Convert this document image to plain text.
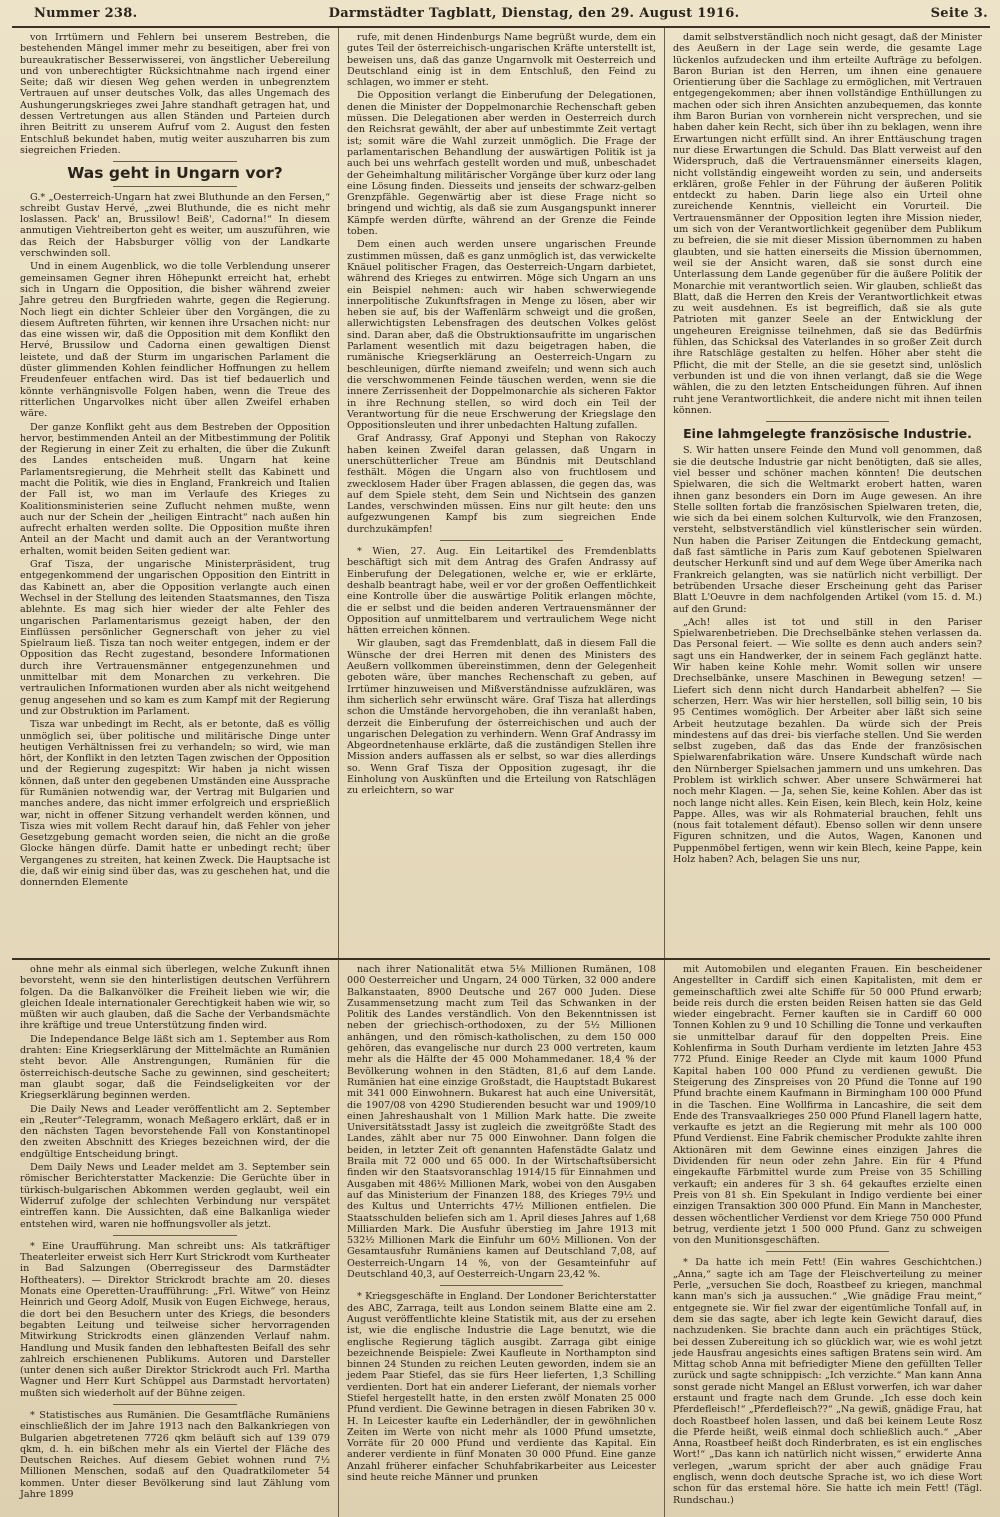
Nummer 238.	Darmstädter Tagblatt, Dienstag, den 29. August 1916.	Seite 3.

von Irrtümern und Fehlern bei unserem Bestreben, die bestehenden Mängel immer mehr zu beseitigen, aber frei von bureaukratischer Besserwisserei, von ängstlicher Uebereilung und von unberechtigter Rücksichtnahme nach irgend einer Seite; daß wir diesen Weg gehen werden in unbegrenztem Vertrauen auf unser deutsches Volk, das alles Ungemach des Aushungerungskrieges zwei Jahre standhaft getragen hat, und dessen Vertretungen aus allen Ständen und Parteien durch ihren Beitritt zu unserem Aufruf vom 2. August den festen Entschluß bekundet haben, mutig weiter auszuharren bis zum siegreichen Frieden.

Was geht in Ungarn vor?

G.* „Oesterreich-Ungarn hat zwei Bluthunde an den Fersen,“ schreibt Gustav Hervé, „zwei Bluthunde, die es nicht mehr loslassen. Pack' an, Brussilow! Beiß', Cadorna!“ In diesem anmutigen Viehtreiberton geht es weiter, um auszuführen, wie das Reich der Habsburger völlig von der Landkarte verschwinden soll.

Und in einem Augenblick, wo die tolle Verblendung unserer gemeinsamen Gegner ihren Höhepunkt erreicht hat, erhebt sich in Ungarn die Opposition, die bisher während zweier Jahre getreu den Burgfrieden wahrte, gegen die Regierung. Noch liegt ein dichter Schleier über den Vorgängen, die zu diesem Auftreten führten, wir kennen ihre Ursachen nicht: nur das eine wissen wir, daß die Opposition mit dem Konflikt den Hervé, Brussilow und Cadorna einen gewaltigen Dienst leistete, und daß der Sturm im ungarischen Parlament die düster glimmenden Kohlen feindlicher Hoffnungen zu hellem Freudenfeuer entfachen wird. Das ist tief bedauerlich und könnte verhängnisvolle Folgen haben, wenn die Treue des ritterlichen Ungarvolkes nicht über allen Zweifel erhaben wäre.

Der ganze Konflikt geht aus dem Bestreben der Opposition hervor, bestimmenden Anteil an der Mitbestimmung der Politik der Regierung in einer Zeit zu erhalten, die über die Zukunft des Landes entscheiden muß. Ungarn hat keine Parlamentsregierung, die Mehrheit stellt das Kabinett und macht die Politik, wie dies in England, Frankreich und Italien der Fall ist, wo man im Verlaufe des Krieges zu Koalitionsministerien seine Zuflucht nehmen mußte, wenn auch nur der Schein der „heiligen Eintracht“ nach außen hin aufrecht erhalten werden sollte. Die Opposition mußte ihren Anteil an der Macht und damit auch an der Verantwortung erhalten, womit beiden Seiten gedient war.

Graf Tisza, der ungarische Ministerpräsident, trug entgegenkommend der ungarischen Opposition den Eintritt in das Kabinett an, aber die Opposition verlangte auch einen Wechsel in der Stellung des leitenden Staatsmannes, den Tisza ablehnte. Es mag sich hier wieder der alte Fehler des ungarischen Parlamentarismus gezeigt haben, der den Einflüssen persönlicher Gegnerschaft von jeher zu viel Spielraum ließ. Tisza tan noch weiter entgegen, indem er der Opposition das Recht zugestand, besondere Informationen durch ihre Vertrauensmänner entgegenzunehmen und unmittelbar mit dem Monarchen zu verkehren. Die vertraulichen Informationen wurden aber als nicht weitgehend genug angesehen und so kam es zum Kampf mit der Regierung und zur Obstruktion im Parlament.

Tisza war unbedingt im Recht, als er betonte, daß es völlig unmöglich sei, über politische und militärische Dinge unter heutigen Verhältnissen frei zu verhandeln; so wird, wie man hört, der Konflikt in den letzten Tagen zwischen der Opposition und der Regierung zugespitzt: Wir haben ja nicht wissen können, daß unter den gegebenen Umständen eine Aussprache für Rumänien notwendig war, der Vertrag mit Bulgarien und manches andere, das nicht immer erfolgreich und ersprießlich war, nicht in offener Sitzung verhandelt werden können, und Tisza wies mit vollem Recht darauf hin, daß Fehler von jeher Gesetzgebung gemacht worden seien, die nicht an die große Glocke hängen dürfe. Damit hatte er unbedingt recht; über Vergangenes zu streiten, hat keinen Zweck. Die Hauptsache ist die, daß wir einig sind über das, was zu geschehen hat, und die donnernden Elemente

rufe, mit denen Hindenburgs Name begrüßt wurde, dem ein gutes Teil der österreichisch-ungarischen Kräfte unterstellt ist, beweisen uns, daß das ganze Ungarnvolk mit Oesterreich und Deutschland einig ist in dem Entschluß, den Feind zu schlagen, wo immer er steht.

Die Opposition verlangt die Einberufung der Delegationen, denen die Minister der Doppelmonarchie Rechenschaft geben müssen. Die Delegationen aber werden in Oesterreich durch den Reichsrat gewählt, der aber auf unbestimmte Zeit vertagt ist; somit wäre die Wahl zurzeit unmöglich. Die Frage der parlamentarischen Behandlung der auswärtigen Politik ist ja auch bei uns wehrfach gestellt worden und muß, unbeschadet der Geheimhaltung militärischer Vorgänge über kurz oder lang eine Lösung finden. Diesseits und jenseits der schwarz-gelben Grenzpfähle. Gegenwärtig aber ist diese Frage nicht so bringend und wichtig, als daß sie zum Ausgangspunkt innerer Kämpfe werden dürfte, während an der Grenze die Feinde toben.

Dem einen auch werden unsere ungarischen Freunde zustimmen müssen, daß es ganz unmöglich ist, das verwickelte Knäuel politischer Fragen, das Oesterreich-Ungarn darbietet, während des Krieges zu entwirren. Möge sich Ungarn an uns ein Beispiel nehmen: auch wir haben schwerwiegende innerpolitische Zukunftsfragen in Menge zu lösen, aber wir heben sie auf, bis der Waffenlärm schweigt und die großen, allerwichtigsten Lebensfragen des deutschen Volkes gelöst sind. Daran aber, daß die Obstruktionsaufritte im ungarischen Parlament wesentlich mit dazu beigetragen haben, die rumänische Kriegserklärung an Oesterreich-Ungarn zu beschleunigen, dürfte niemand zweifeln; und wenn sich auch die verschwommenen Feinde täuschen werden, wenn sie die innere Zerrissenheit der Doppelmonarchie als sicheren Faktor in ihre Rechnung stellen, so wird doch ein Teil der Verantwortung für die neue Erschwerung der Kriegslage den Oppositionsleuten und ihrer unbedachten Haltung zufallen.

Graf Andrassy, Graf Apponyi und Stephan von Rakoczy haben keinen Zweifel daran gelassen, daß Ungarn in unerschütterlicher Treue am Bündnis mit Deutschland festhält. Mögen die Ungarn also von fruchtlosem und zwecklosem Hader über Fragen ablassen, die gegen das, was auf dem Spiele steht, dem Sein und Nichtsein des ganzen Landes, verschwinden müssen. Eins nur gilt heute: den uns aufgezwungenen Kampf bis zum siegreichen Ende durchzukämpfen!

* Wien, 27. Aug. Ein Leitartikel des Fremdenblatts beschäftigt sich mit dem Antrag des Grafen Andrassy auf Einberufung der Delegationen, welche er, wie er erklärte, deshalb beantragt habe, weil er vor der großen Oeffentlichkeit eine Kontrolle über die auswärtige Politik erlangen möchte, die er selbst und die beiden anderen Vertrauensmänner der Opposition auf unmittelbarem und vertraulichem Wege nicht hätten erreichen können.

Wir glauben, sagt das Fremdenblatt, daß in diesem Fall die Wünsche der drei Herren mit denen des Ministers des Aeußern vollkommen übereinstimmen, denn der Gelegenheit geboten wäre, über manches Rechenschaft zu geben, auf Irrtümer hinzuweisen und Mißverständnisse aufzuklären, was ihm sicherlich sehr erwünscht wäre. Graf Tisza hat allerdings schon die Umstände hervorgehoben, die ihn veranlaßt haben, derzeit die Einberufung der österreichischen und auch der ungarischen Delegation zu verhindern. Wenn Graf Andrassy im Abgeordnetenhause erklärte, daß die zuständigen Stellen ihre Mission anders auffassen als er selbst, so war dies allerdings so. Wenn Graf Tisza der Opposition zugesagt, ihr die Einholung von Auskünften und die Erteilung von Ratschlägen zu erleichtern, so war

damit selbstverständlich noch nicht gesagt, daß der Minister des Aeußern in der Lage sein werde, die gesamte Lage lückenlos aufzudecken und ihm erteilte Aufträge zu befolgen. Baron Burian ist den Herren, um ihnen eine genauere Orientierung über die Sachlage zu ermöglichen, mit Vertrauen entgegengekommen; aber ihnen vollständige Enthüllungen zu machen oder sich ihren Ansichten anzubequemen, das konnte ihm Baron Burian von vornherein nicht versprechen, und sie haben daher kein Recht, sich über ihn zu beklagen, wenn ihre Erwartungen nicht erfüllt sind. An ihrer Enttäuschung tragen nur diese Erwartungen die Schuld. Das Blatt verweist auf den Widerspruch, daß die Vertrauensmänner einerseits klagen, nicht vollständig eingeweiht worden zu sein, und anderseits erklären, große Fehler in der Führung der äußeren Politik entdeckt zu haben. Darin liege also ein Urteil ohne zureichende Kenntnis, vielleicht ein Vorurteil. Die Vertrauensmänner der Opposition legten ihre Mission nieder, um sich von der Verantwortlichkeit gegenüber dem Publikum zu befreien, die sie mit dieser Mission übernommen zu haben glaubten, und sie hatten einerseits die Mission übernommen, weil sie der Ansicht waren, daß sie sonst durch eine Unterlassung dem Lande gegenüber für die äußere Politik der Monarchie mit verantwortlich seien. Wir glauben, schließt das Blatt, daß die Herren den Kreis der Verantwortlichkeit etwas zu weit ausdehnen. Es ist begreiflich, daß sie als gute Patrioten mit ganzer Seele an der Entwicklung der ungeheuren Ereignisse teilnehmen, daß sie das Bedürfnis fühlen, das Schicksal des Vaterlandes in so großer Zeit durch ihre Ratschläge gestalten zu helfen. Höher aber steht die Pflicht, die mit der Stelle, an die sie gesetzt sind, unlöslich verbunden ist und die von ihnen verlangt, daß sie die Wege wählen, die zu den letzten Entscheidungen führen. Auf ihnen ruht jene Verantwortlichkeit, die andere nicht mit ihnen teilen können.

Eine lahmgelegte französische Industrie.

S. Wir hatten unsere Feinde den Mund voll genommen, daß sie die deutsche Industrie gar nicht benötigten, daß sie alles, viel besser und schöner machen könnten! Die deutschen Spielwaren, die sich die Weltmarkt erobert hatten, waren ihnen ganz besonders ein Dorn im Auge gewesen. An ihre Stelle sollten fortab die französischen Spielwaren treten, die, wie sich da bei einem solchen Kulturvolk, wie den Franzosen, versteht, selbstverständlich viel künstlerischer sein würden. Nun haben die Pariser Zeitungen die Entdeckung gemacht, daß fast sämtliche in Paris zum Kauf gebotenen Spielwaren deutscher Herkunft sind und auf dem Wege über Amerika nach Frankreich gelangten, was sie natürlich nicht verbilligt. Der betrübenden Ursache dieser Erscheinung geht das Pariser Blatt L'Oeuvre in dem nachfolgenden Artikel (vom 15. d. M.) auf den Grund:

„Ach! alles ist tot und still in den Pariser Spielwarenbetrieben. Die Drechselbänke stehen verlassen da. Das Personal feiert. — Wie sollte es denn auch anders sein? sagt uns ein Handwerker, der in seinem Fach geglänzt hatte. Wir haben keine Kohle mehr. Womit sollen wir unsere Drechselbänke, unsere Maschinen in Bewegung setzen! — Liefert sich denn nicht durch Handarbeit abhelfen? — Sie scherzen, Herr. Was wir hier herstellen, soll billig sein, 10 bis 95 Centimes womöglich. Der Arbeiter aber läßt sich seine Arbeit heutzutage bezahlen. Da würde sich der Preis mindestens auf das drei- bis vierfache stellen. Und Sie werden selbst zugeben, daß das das Ende der französischen Spielwarenfabrikation wäre. Unsere Kundschaft würde nach den Nürnberger Spielsachen jammern und uns umkehren. Das Problem ist wirklich schwer. Aber unsere Schwärmerei hat noch mehr Klagen. — Ja, sehen Sie, keine Kohlen. Aber das ist noch lange nicht alles. Kein Eisen, kein Blech, kein Holz, keine Pappe. Alles, was wir als Rohmaterial brauchen, fehlt uns (nous fait totalement défaut). Ebenso sollen wir denn unsere Figuren schnitzen, und die Autos, Wagen, Kanonen und Puppenmöbel fertigen, wenn wir kein Blech, keine Pappe, kein Holz haben? Ach, belagen Sie uns nur,

ohne mehr als einmal sich überlegen, welche Zukunft ihnen bevorsteht, wenn sie den hinterlistigen deutschen Verführern folgen. Da die Balkanvölker die Freiheit lieben wie wir, die gleichen Ideale internationaler Gerechtigkeit haben wie wir, so müßten wir auch glauben, daß die Sache der Verbandsmächte ihre kräftige und treue Unterstützung finden wird.

Die Independance Belge läßt sich am 1. September aus Rom drahten: Eine Kriegserklärung der Mittelmächte an Rumänien steht bevor. Alle Anstrengungen, Rumänien für die österreichisch-deutsche Sache zu gewinnen, sind gescheitert; man glaubt sogar, daß die Feindseligkeiten vor der Kriegserklärung beginnen werden.

Die Daily News and Leader veröffentlicht am 2. September ein „Reuter“-Telegramm, wonach Meßagero erklärt, daß er in den nächsten Tagen bevorstehende Fall von Konstantinopel den zweiten Abschnitt des Krieges bezeichnen wird, der die endgültige Entscheidung bringt.

Dem Daily News und Leader meldet am 3. September sein römischer Berichterstatter Mackenzie: Die Gerüchte über in türkisch-bulgarischen Abkommen werden geglaubt, weil ein Widerruf zufolge der schlechten Verbindung nur verspätet eintreffen kann. Die Aussichten, daß eine Balkanliga wieder entstehen wird, waren nie hoffnungsvoller als jetzt.

* Eine Uraufführung. Man schreibt uns: Als tatkräftiger Theaterleiter erweist sich Herr Kurt Strickrodt vom Kurtheater in Bad Salzungen (Oberregisseur des Darmstädter Hoftheaters). — Direktor Strickrodt brachte am 20. dieses Monats eine Operetten-Uraufführung: „Frl. Witwe“ von Heinz Heinrich und Georg Adolf, Musik von Eugen Eichwege, heraus, die dort bei den Besuchern unter des Kriegs, die besonders begabten Leitung und teilweise sicher hervorragenden Mitwirkung Strickrodts einen glänzenden Verlauf nahm. Handlung und Musik fanden den lebhaftesten Beifall des sehr zahlreich erschienenen Publikums. Autoren und Darsteller (unter denen sich außer Direktor Strickrodt auch Frl. Martha Wagner und Herr Kurt Schüppel aus Darmstadt hervortaten) mußten sich wiederholt auf der Bühne zeigen.

* Statistisches aus Rumänien. Die Gesamtfläche Rumäniens einschließlich der im Jahre 1913 nach den Balkankriegen von Bulgarien abgetretenen 7726 qkm beläuft sich auf 139 079 qkm, d. h. ein bißchen mehr als ein Viertel der Fläche des Deutschen Reiches. Auf diesem Gebiet wohnen rund 7½ Millionen Menschen, sodaß auf den Quadratkilometer 54 kommen. Unter dieser Bevölkerung sind laut Zählung vom Jahre 1899

nach ihrer Nationalität etwa 5⅛ Millionen Rumänen, 108 000 Oesterreicher und Ungarn, 24 000 Türken, 32 000 andere Balkanstaaten, 8900 Deutsche und 267 000 Juden. Diese Zusammensetzung macht zum Teil das Schwanken in der Politik des Landes verständlich. Von den Bekenntnissen ist neben der griechisch-orthodoxen, zu der 5⅟₂ Millionen anhängen, und den römisch-katholischen, zu dem 150 000 gehören, das evangelische nur durch 23 000 vertreten, kaum mehr als die Hälfte der 45 000 Mohammedaner. 18,4 % der Bevölkerung wohnen in den Städten, 81,6 auf dem Lande. Rumänien hat eine einzige Großstadt, die Hauptstadt Bukarest mit 341 000 Einwohnern. Bukarest hat auch eine Universität, die 1907/08 von 4290 Studierenden besucht war und 1909/10 einen Jahreshaushalt von 1 Million Mark hatte. Die zweite Universitätsstadt Jassy ist zugleich die zweitgrößte Stadt des Landes, zählt aber nur 75 000 Einwohner. Dann folgen die beiden, in letzter Zeit oft genannten Hafenstädte Galatz und Braila mit 72 000 und 65 000. In der Wirtschaftsübersicht finden wir den Staatsvoranschlag 1914/15 für Einnahmen und Ausgaben mit 486⅟₂ Millionen Mark, wobei von den Ausgaben auf das Ministerium der Finanzen 188, des Krieges 79⅟₂ und des Kultus und Unterrichts 47⅟₂ Millionen entfielen. Die Staatsschulden beliefen sich am 1. April dieses Jahres auf 1,68 Milliarden Mark. Die Ausfuhr überstieg im Jahre 1913 mit 532⅟₂ Millionen Mark die Einfuhr um 60⅟₂ Millionen. Von der Gesamtausfuhr Rumäniens kamen auf Deutschland 7,08, auf Oesterreich-Ungarn 14 %, von der Gesamteinfuhr auf Deutschland 40,3, auf Oesterreich-Ungarn 23,42 %.

* Kriegsgeschäfte in England. Der Londoner Berichterstatter des ABC, Zarraga, teilt aus London seinem Blatte eine am 2. August veröffentlichte kleine Statistik mit, aus der zu ersehen ist, wie die englische Industrie die Lage benutzt, wie die englische Regierung täglich ausgibt. Zarraga gibt einige bezeichnende Beispiele: Zwei Kaufleute in Northampton sind binnen 24 Stunden zu reichen Leuten geworden, indem sie an jedem Paar Stiefel, das sie fürs Heer lieferten, 1,3 Schilling verdienten. Dort hat ein anderer Lieferant, der niemals vorher Stiefel hergestellt hatte, in den ersten zwölf Monaten 25 000 Pfund verdient. Die Gewinne betragen in diesen Fabriken 30 v. H. In Leicester kaufte ein Lederhändler, der in gewöhnlichen Zeiten im Werte von nicht mehr als 1000 Pfund umsetzte, Vorräte für 20 000 Pfund und verdiente das Kapital. Ein anderer verdiente in fünf Monaten 30 000 Pfund. Eine ganze Anzahl früherer einfacher Schuhfabrikarbeiter aus Leicester sind heute reiche Männer und prunken

mit Automobilen und eleganten Frauen. Ein bescheidener Angestellter in Cardiff sich einen Kapitalisten, mit dem er gemeinschaftlich zwei alte Schiffe für 50 000 Pfund erwarb; beide reis durch die ersten beiden Reisen hatten sie das Geld wieder eingebracht. Ferner kauften sie in Cardiff 60 000 Tonnen Kohlen zu 9 und 10 Schilling die Tonne und verkauften sie unmittelbar darauf für den doppelten Preis. Eine Kohlenfirma in South Durham verdiente im letzten Jahre 453 772 Pfund. Einige Reeder an Clyde mit kaum 1000 Pfund Kapital haben 100 000 Pfund zu verdienen gewußt. Die Steigerung des Zinspreises von 20 Pfund die Tonne auf 190 Pfund brachte einem Kaufmann in Birmingham 100 000 Pfund in die Taschen. Eine Wollfirma in Lancashire, die seit dem Ende des Transvaalkrieges 250 000 Pfund Flanell lagern hatte, verkaufte es jetzt an die Regierung mit mehr als 100 000 Pfund Verdienst. Eine Fabrik chemischer Produkte zahlte ihren Aktionären mit dem Gewinne eines einzigen Jahres die Dividenden für neun oder zehn Jahre. Ein für 4 Pfund eingekaufte Färbmittel wurde zum Preise von 35 Schilling verkauft; ein anderes für 3 sh. 64 gekauftes erzielte einen Preis von 81 sh. Ein Spekulant in Indigo verdiente bei einer einzigen Transaktion 300 000 Pfund. Ein Mann in Manchester, dessen wöchentlicher Verdienst vor dem Kriege 750 000 Pfund betrug, verdiente jetzt 1 500 000 Pfund. Ganz zu schweigen von den Munitionsgeschäften.

* Da hatte ich mein Fett! (Ein wahres Geschichtchen.) „Anna,“ sagte ich am Tage der Fleischverteilung zu meiner Perle, „versuchen Sie doch, Roastbeef zu kriegen, manchmal kann man's sich ja aussuchen.“ „Wie gnädige Frau meint,“ entgegnete sie. Wir fiel zwar der eigentümliche Tonfall auf, in dem sie das sagte, aber ich legte kein Gewicht darauf, dies nachzudenken. Sie brachte dann auch ein prächtiges Stück, bei dessen Zubereitung ich so glücklich war, wie es wohl jetzt jede Hausfrau angesichts eines saftigen Bratens sein wird. Am Mittag schob Anna mit befriedigter Miene den gefüllten Teller zurück und sagte schnippisch: „Ich verzichte.“ Man kann Anna sonst gerade nicht Mangel an Eßlust vorwerfen, ich war daher erstaunt und fragte nach dem Grunde. „Ich esse doch kein Pferdefleisch!“ „Pferdefleisch??“ „Na gewiß, gnädige Frau, hat doch Roastbeef holen lassen, und daß bei keinem Leute Rosz die Pferde heißt, weiß einmal doch schließlich auch.“ „Aber Anna, Roastbeef heißt doch Rinderbraten, es ist ein englisches Wort!“ „Das kann ich natürlich nicht wissen,“ erwiderte Anna verlegen, „warum spricht der aber auch gnädige Frau englisch, wenn doch deutsche Sprache ist, wo ich diese Wort schon für das erstemal höre. Sie hatte ich mein Fett! (Tägl. Rundschau.)
